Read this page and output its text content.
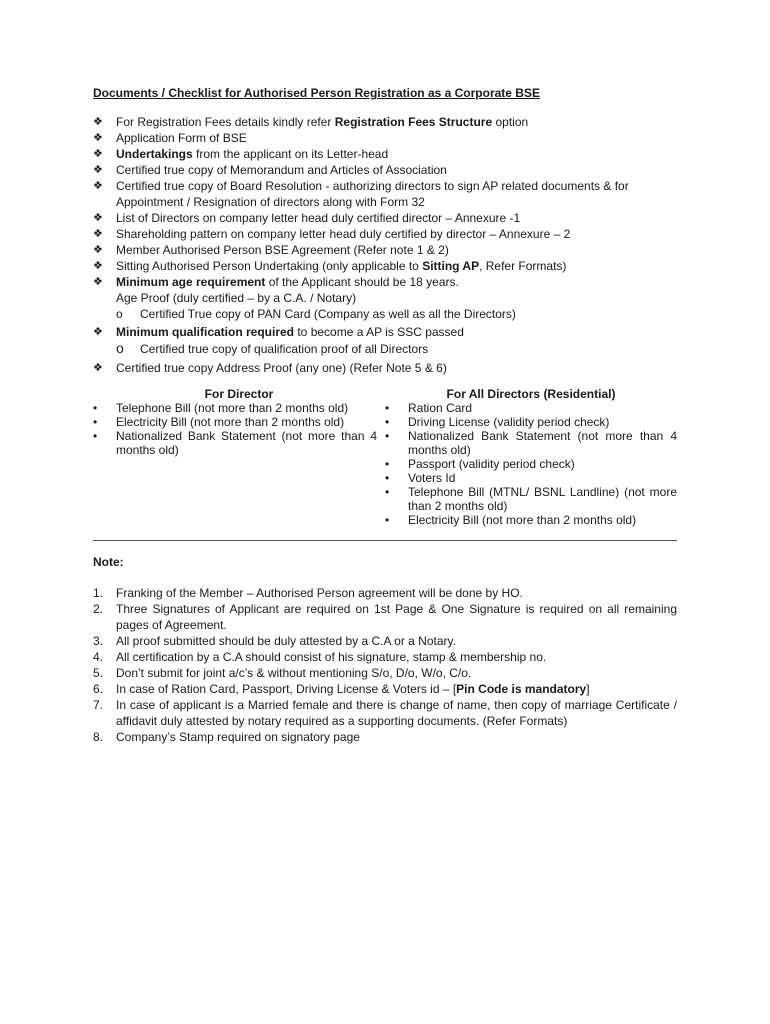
Documents / Checklist for Authorised Person Registration as a Corporate BSE
❖ For Registration Fees details kindly refer Registration Fees Structure option
❖ Application Form of BSE
❖ Undertakings from the applicant on its Letter-head
❖ Certified true copy of Memorandum and Articles of Association
❖ Certified true copy of Board Resolution - authorizing directors to sign AP related documents & for Appointment / Resignation of directors along with Form 32
❖ List of Directors on company letter head duly certified director – Annexure -1
❖ Shareholding pattern on company letter head duly certified by director – Annexure – 2
❖ Member Authorised Person BSE Agreement (Refer note 1 & 2)
❖ Sitting Authorised Person Undertaking (only applicable to Sitting AP, Refer Formats)
❖ Minimum age requirement of the Applicant should be 18 years.
Age Proof (duly certified – by a C.A. / Notary)
o Certified True copy of PAN Card (Company as well as all the Directors)
❖ Minimum qualification required to become a AP is SSC passed
o Certified true copy of qualification proof of all Directors
❖ Certified true copy Address Proof (any one) (Refer Note 5 & 6)
For Director
• Telephone Bill (not more than 2 months old)
• Electricity Bill (not more than 2 months old)
• Nationalized Bank Statement (not more than 4 months old)
For All Directors (Residential)
• Ration Card
• Driving License (validity period check)
• Nationalized Bank Statement (not more than 4 months old)
• Passport (validity period check)
• Voters Id
• Telephone Bill (MTNL/ BSNL Landline) (not more than 2 months old)
• Electricity Bill (not more than 2 months old)
Note:
1. Franking of the Member – Authorised Person agreement will be done by HO.
2. Three Signatures of Applicant are required on 1st Page & One Signature is required on all remaining pages of Agreement.
3. All proof submitted should be duly attested by a C.A or a Notary.
4. All certification by a C.A should consist of his signature, stamp & membership no.
5. Don’t submit for joint a/c’s & without mentioning S/o, D/o, W/o, C/o.
6. In case of Ration Card, Passport, Driving License & Voters id – [Pin Code is mandatory]
7. In case of applicant is a Married female and there is change of name, then copy of marriage Certificate / affidavit duly attested by notary required as a supporting documents. (Refer Formats)
8. Company’s Stamp required on signatory page
